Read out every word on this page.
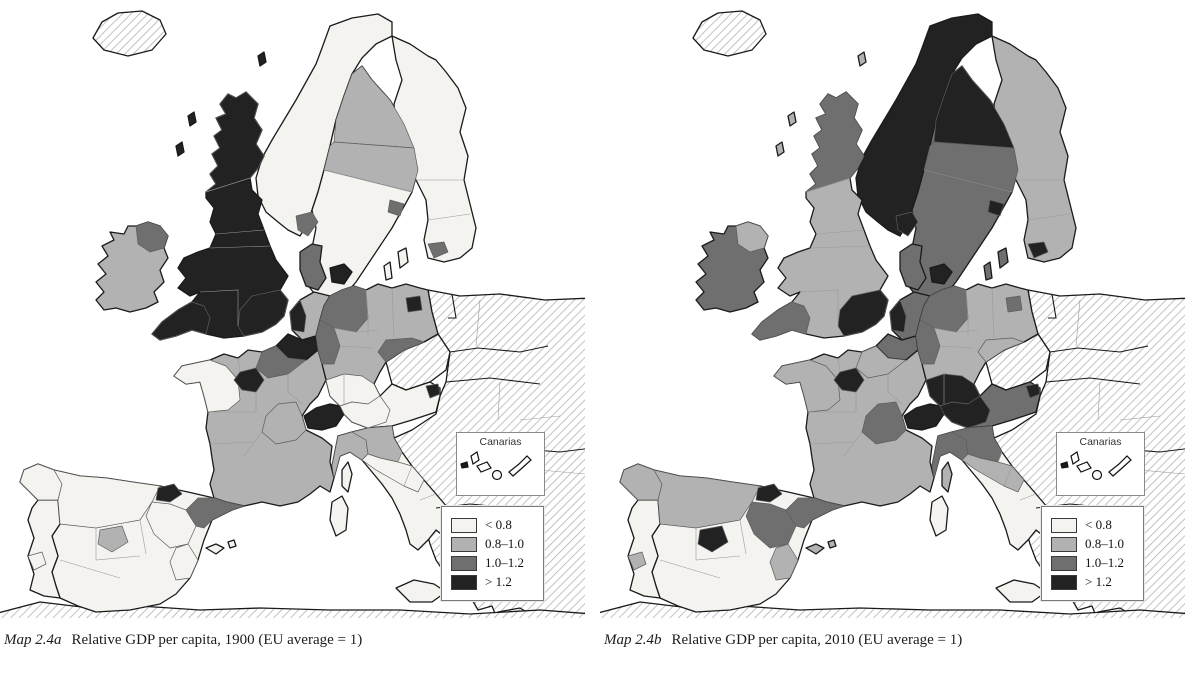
Canarias
< 0.8
0.8–1.0
1.0–1.2
> 1.2
Map 2.4a Relative GDP per capita, 1900 (EU average = 1)
Canarias
< 0.8
0.8–1.0
1.0–1.2
> 1.2
Map 2.4b Relative GDP per capita, 2010 (EU average = 1)
